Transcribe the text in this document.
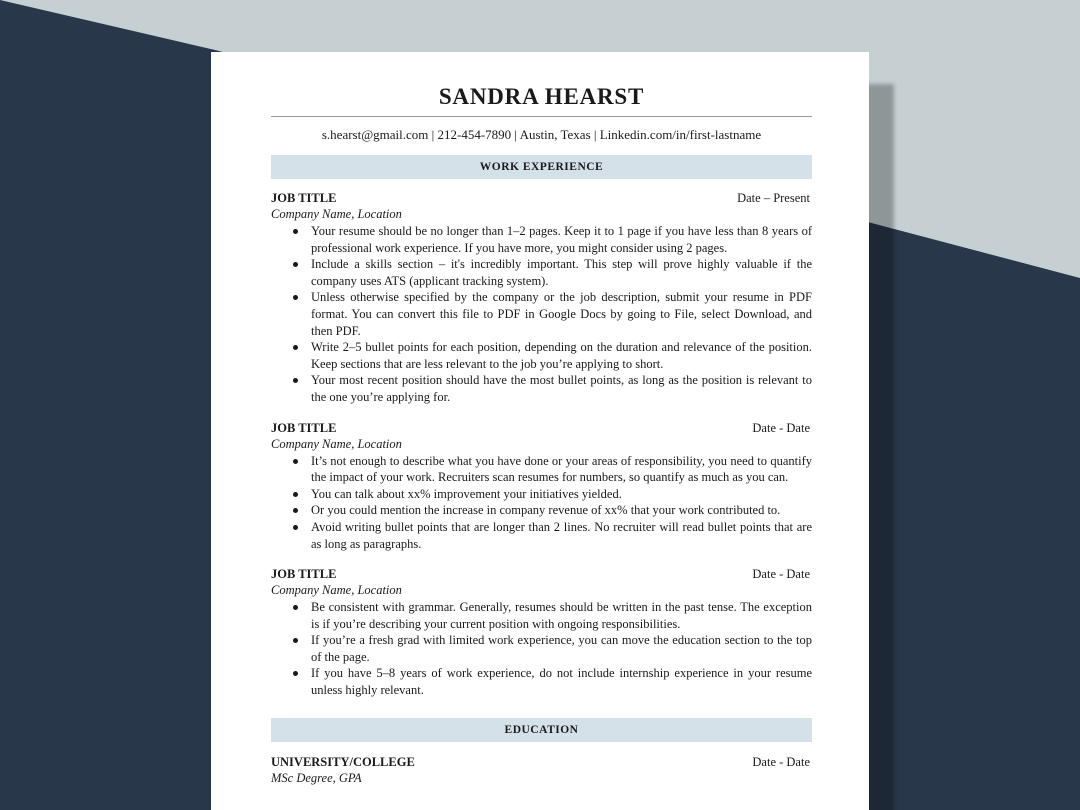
SANDRA HEARST
s.hearst@gmail.com | 212-454-7890 | Austin, Texas | Linkedin.com/in/first-lastname
WORK EXPERIENCE
JOB TITLE	Date – Present
Company Name, Location
Your resume should be no longer than 1–2 pages. Keep it to 1 page if you have less than 8 years of professional work experience. If you have more, you might consider using 2 pages.
Include a skills section – it's incredibly important. This step will prove highly valuable if the company uses ATS (applicant tracking system).
Unless otherwise specified by the company or the job description, submit your resume in PDF format. You can convert this file to PDF in Google Docs by going to File, select Download, and then PDF.
Write 2–5 bullet points for each position, depending on the duration and relevance of the position. Keep sections that are less relevant to the job you’re applying to short.
Your most recent position should have the most bullet points, as long as the position is relevant to the one you’re applying for.
JOB TITLE	Date - Date
Company Name, Location
It’s not enough to describe what you have done or your areas of responsibility, you need to quantify the impact of your work. Recruiters scan resumes for numbers, so quantify as much as you can.
You can talk about xx% improvement your initiatives yielded.
Or you could mention the increase in company revenue of xx% that your work contributed to.
Avoid writing bullet points that are longer than 2 lines. No recruiter will read bullet points that are as long as paragraphs.
JOB TITLE	Date - Date
Company Name, Location
Be consistent with grammar. Generally, resumes should be written in the past tense. The exception is if you’re describing your current position with ongoing responsibilities.
If you’re a fresh grad with limited work experience, you can move the education section to the top of the page.
If you have 5–8 years of work experience, do not include internship experience in your resume unless highly relevant.
EDUCATION
UNIVERSITY/COLLEGE	Date - Date
MSc Degree, GPA
